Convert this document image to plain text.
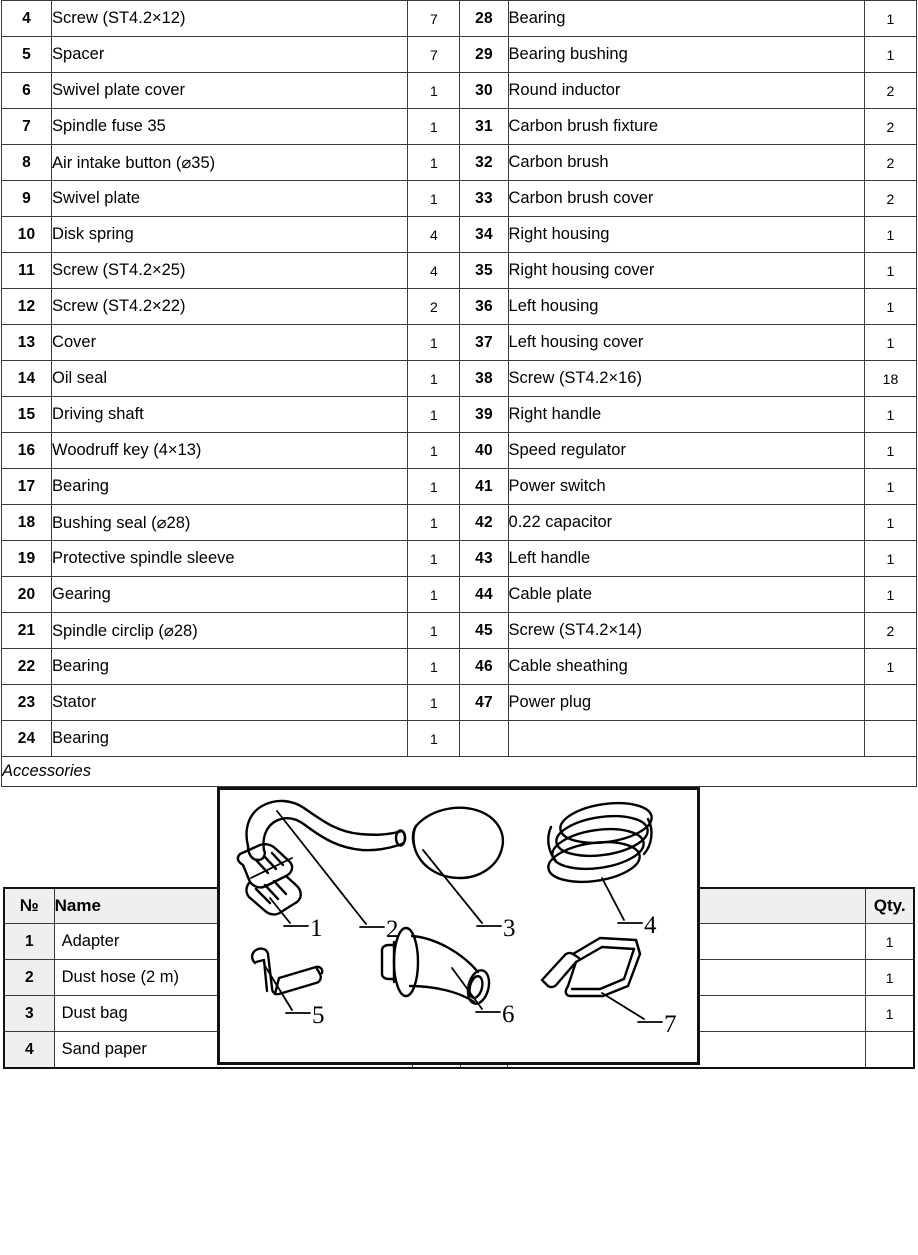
4	Screw (ST4.2×12)	7	28	Bearing	1
5	Spacer	7	29	Bearing bushing	1
6	Swivel plate cover	1	30	Round inductor	2
7	Spindle fuse 35	1	31	Carbon brush fixture	2
8	Air intake button (⌀35)	1	32	Carbon brush	2
9	Swivel plate	1	33	Carbon brush cover	2
10	Disk spring	4	34	Right housing	1
11	Screw (ST4.2×25)	4	35	Right housing cover	1
12	Screw (ST4.2×22)	2	36	Left housing	1
13	Cover	1	37	Left housing cover	1
14	Oil seal	1	38	Screw (ST4.2×16)	18
15	Driving shaft	1	39	Right handle	1
16	Woodruff key (4×13)	1	40	Speed regulator	1
17	Bearing	1	41	Power switch	1
18	Bushing seal (⌀28)	1	42	0.22 capacitor	1
19	Protective spindle sleeve	1	43	Left handle	1
20	Gearing	1	44	Cable plate	1
21	Spindle circlip (⌀28)	1	45	Screw (ST4.2×14)	2
22	Bearing	1	46	Cable sheathing	1
23	Stator	1	47	Power plug	
24	Bearing	1			
Accessories					
1	2	3	4
5	6	7
№	Name				Qty.
1	Adapter				1
2	Dust hose (2 m)				1
3	Dust bag				1
4	Sand paper				
